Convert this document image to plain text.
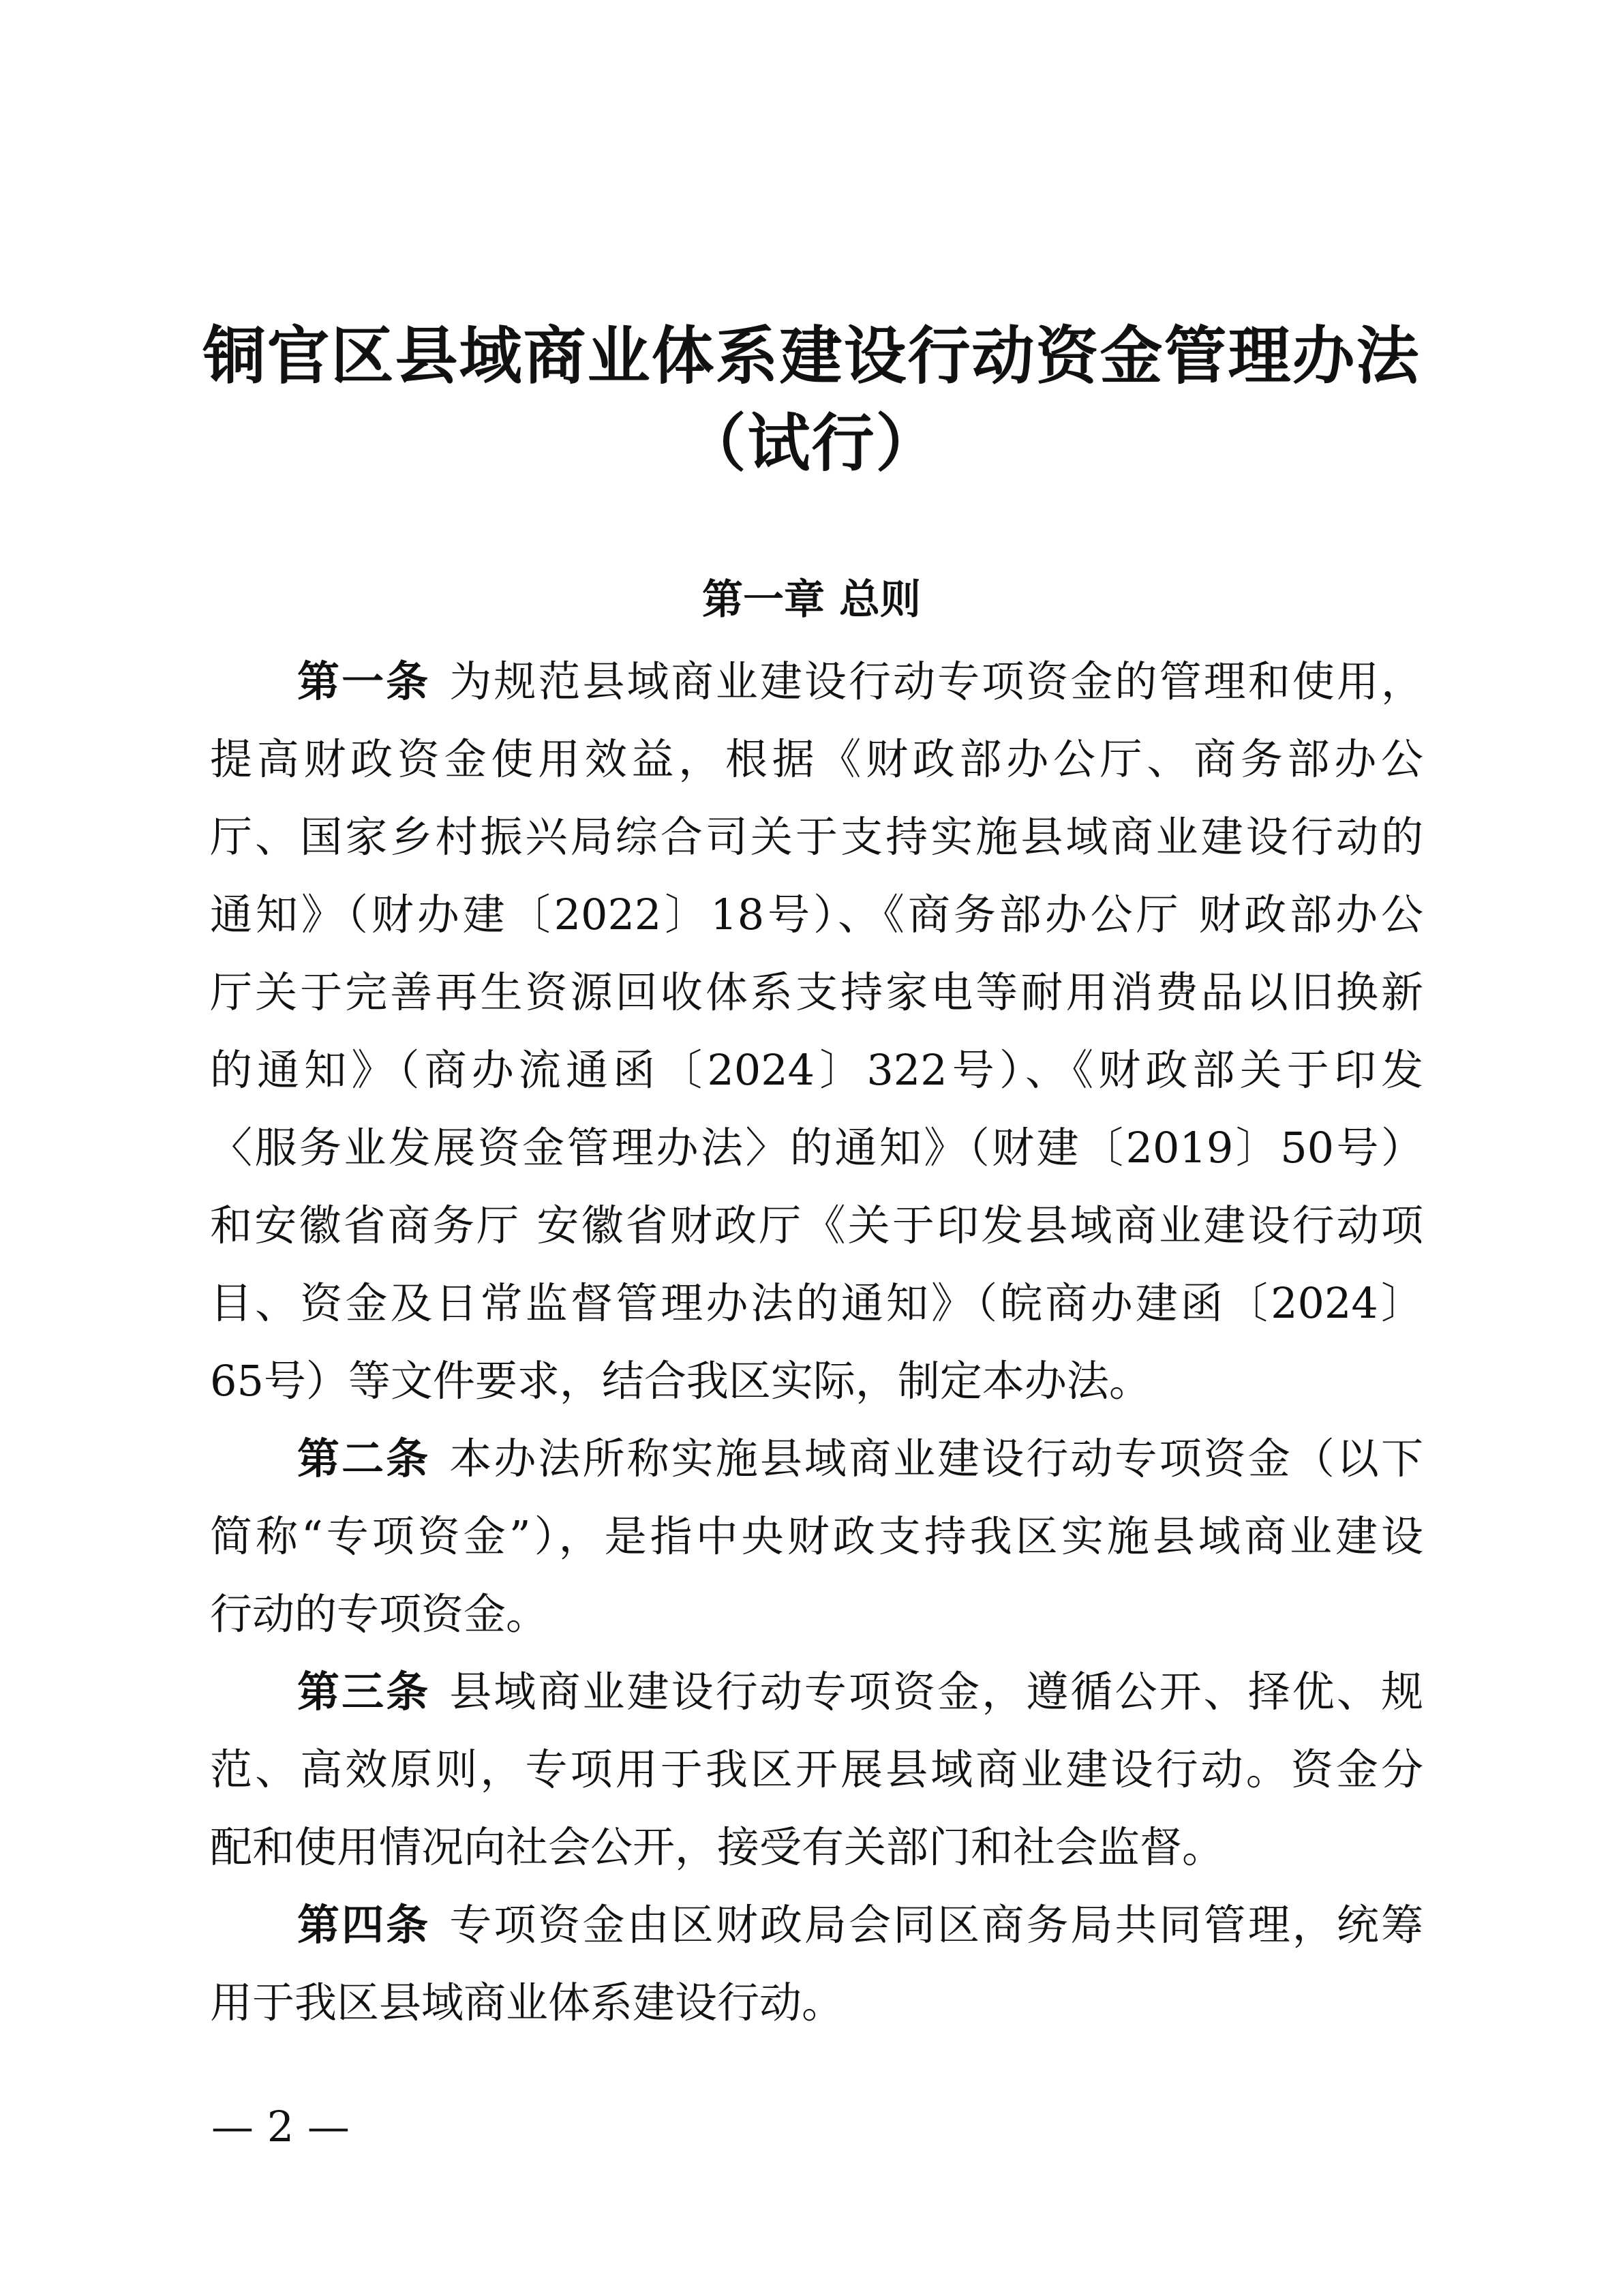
铜官区县域商业体系建设行动资金管理办法
（试行）
第一章 总则
第一条 为规范县域商业建设行动专项资金的管理和使用，
提高财政资金使用效益，根据《财政部办公厅、商务部办公
厅、国家乡村振兴局综合司关于支持实施县域商业建设行动的
通知》（财办建〔2022〕18号）、《商务部办公厅 财政部办公
厅关于完善再生资源回收体系支持家电等耐用消费品以旧换新
的通知》（商办流通函〔2024〕322号）、《财政部关于印发
〈服务业发展资金管理办法〉的通知》（财建〔2019〕50号）
和安徽省商务厅 安徽省财政厅《关于印发县域商业建设行动项
目、资金及日常监督管理办法的通知》（皖商办建函〔2024〕
65号）等文件要求，结合我区实际，制定本办法。
第二条 本办法所称实施县域商业建设行动专项资金（以下
简称“专项资金”），是指中央财政支持我区实施县域商业建设
行动的专项资金。
第三条 县域商业建设行动专项资金，遵循公开、择优、规
范、高效原则，专项用于我区开展县域商业建设行动。资金分
配和使用情况向社会公开，接受有关部门和社会监督。
第四条 专项资金由区财政局会同区商务局共同管理，统筹
用于我区县域商业体系建设行动。
— 2 —
